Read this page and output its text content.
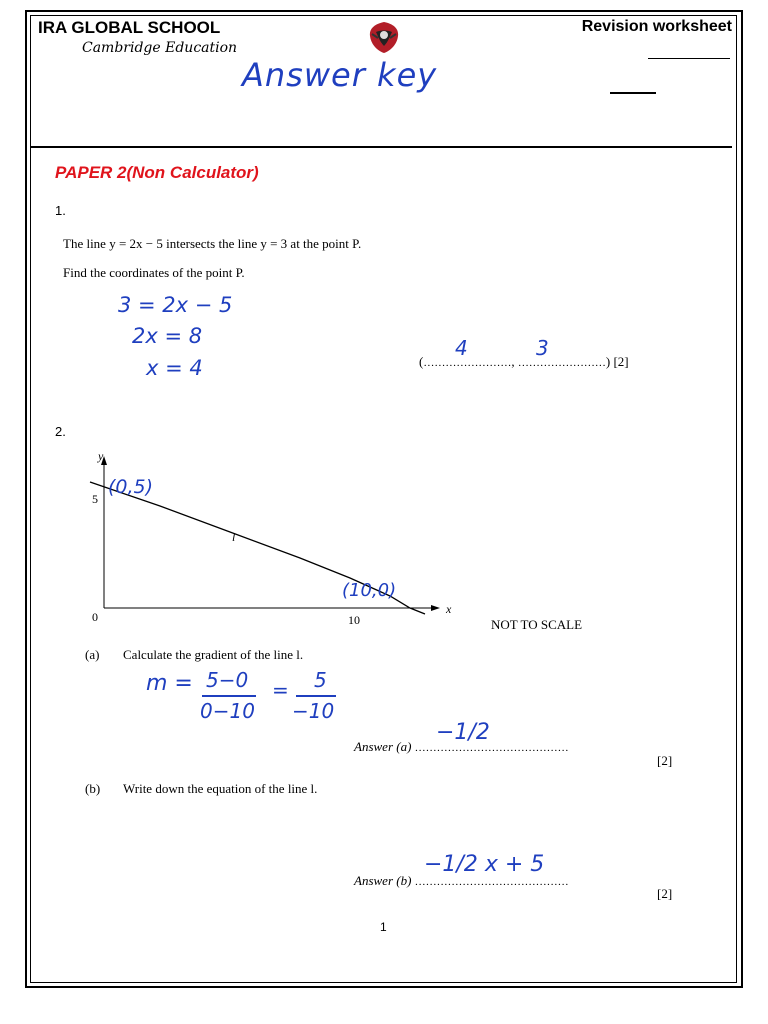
IRA GLOBAL SCHOOL
Cambridge Education
Revision worksheet
Answer key
PAPER 2(Non Calculator)
1.
The line y = 2x − 5 intersects the line y = 3 at the point P.
Find the coordinates of the point P.
3 = 2x − 5
2x = 8
x = 4	(……………………, ……………………) [2]
4	3
2.
y
5
0	10
x
l
(0,5)
(10,0)
NOT TO SCALE
(a) Calculate the gradient of the line l.
m = 5−0
0−10
= 5
−10
Answer (a) ……………………………………
−1/2
[2]
(b) Write down the equation of the line l.
Answer (b) ……………………………………
−1/2 x + 5
[2]
1
